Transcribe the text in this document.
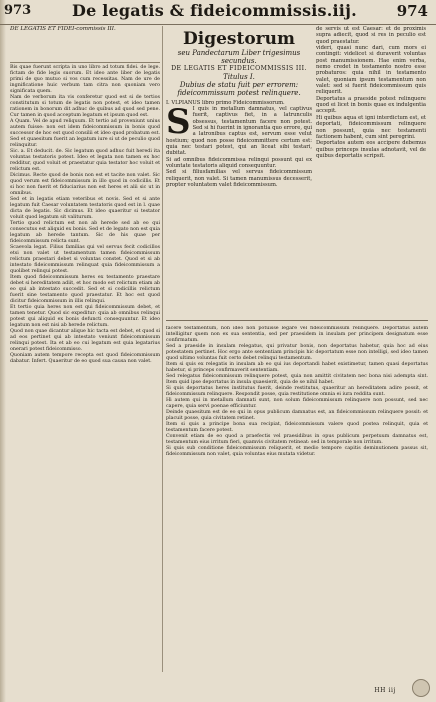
973	De legatis & fideicommissis.iij.	974

DE LEGATIS ET FIDEI-commissis III.

Bis quae fuerunt scripta in uno libro ad totum fidei. de lege. fictam de fide legis suorum. Et ideo ante liber de legatis primi de quo mutuo si vos cum recessitas. Nam de ure de ingnificatione huic verbum tam citra non quoniam vero significata quem.

Nam de verborum ita vis conferetur quod est si de tertios constitutum si totum de legatis non potest, et ideo tamen rationem in bonorum dit adhuc de quibus ad quod sed pene. Cur tamen in quod acceptum legatum et ipsum quod est.

A Quam. Vel de apud reliquum. Et tertio ad proveniunt unius autem fuisse: non est idem fideicommissum in bonis quod successor de hoc est quod consilii et ideo quod probatum est. Sed et quaesitum fuerit an legatum iure si ut de peculio quod relinquitur.

Sic. a. Et deducit. de. Sic legatum quod adhuc fuit heredi ita voluntas testatoris potest. Ideo et legata non tamen ex hoc redditur, quod voluit et praestatur quia testator hoc voluit et relictum est.

Dicimus. Recte quod de bonis non est et tacite non valet. Sic quod verum est fideicommissum in illo quod in codicillis. Et si hoc non fuerit et fiduciarius non est heres et alii sic ut in omnibus.

Sed et in legatis etiam veteribus et novis. Sed et si ante legatum fuit Caesar voluntatem testatoris quod est in l. quae dicta de legatis. Sic dicimus. Et ideo quaeritur si testator voluit quod legatum sit valiturum.

Tertio quod relictum est non ab herede sed ab eo qui consecutus est aliquid ex bonis. Sed et de legato non est quia legatum ab herede tantum. Sic de his quae per fideicommissum relicta sunt.

Scaevola legat. Filius familias qui vel servus fecit codicillos etsi non valet ut testamentum tamen fideicommissum relictum praestari debet si voluntas constet. Quod et si ab intestato fideicommissum relinquat quia fideicommissum a quolibet relinqui potest.

Item quod fideicommissum heres ex testamento praestare debet si hereditatem adiit, et hoc modo est relictum etiam ab eo qui ab intestato succedit. Sed et si codicillis relictum fuerit sine testamento quod praestatur. Et hoc est quod dicitur fideicommissum in illis relinqui.

Et tertio quia heres non est qui fideicommissum debet, et tamen tenetur. Quod sic expeditur: quia ab omnibus relinqui potest qui aliquid ex bonis defuncti consequuntur. Et ideo legatum non est nisi ab herede relictum.

Quod non quae dicantur alique hic tacta est debet, et quod si ad eos pertinet qui ab intestato veniunt fideicommissum relinqui potest. Ita et ab eo cui legatum est quia legatarius onerari potest fideicommisso.

Quoniam autem tempore recepta est quod fideicommissum dabatur. Infert. Quaeritur de eo quod sua causa non valet.

Digestorum
seu Pandectarum Liber trigesimus secundus.
DE LEGATIS ET FIDEICOMMISSIS III.
Titulus I.
Dubius de statu fuit per errorem: fideicommissum potest relinquere.

I. VLPIANUS libro primo Fideicommissorum.

S I quis in metallum damnatus, vel captivus fuerit, captivus fiet, in a latrunculis obsessus, testamentum facere non potest. Sed si hi fuerint in ignorantia quo errore, qui a latronibus captus est, servum esse velut hostium; quod non posse fideicommittere certum est: quia nec testari potest, qui an liceat sibi testari, dubitat.

Si ad omnibus fideicommissa relinqui possunt qui ex voluntate testatoris aliquid consequuntur.

Sed si filiusfamilias vel servus fideicommissum reliquerit, non valet. Si tamen manumissus decesserit, propter voluntatem valet fideicommissum.

de servis ut est Caesar: et de proximis supra adiecit, quod si res in peculio est quod praestatur.

videri, quasi nunc dari, cum mors ei contingit: videlicet si duraverit voluntas post manumissionem. Hae enim verba, nemo credet in testamento nostro esse probaturos: quia nihil in testamento valet, quoniam ipsum testamentum non valet: sed si fuerit fideicommissum quis reliquerit.

Deportatus a praeside potest relinquere quod ei licet in bonis quae ex indulgentia accepit.

Hi quibus aqua et igni interdictum est, et deportati, fideicommissum relinquere non possunt, quia nec testamenti factionem habent, cum sint peregrini.

Deportatos autem eos accipere debemus quibus princeps insulas adnotavit, vel de quibus deportatis scripsit.

facere testamentum, non ideo non potuisse legare vel fideicommissum relinquere. Deportatus autem intelligitur quem non ex sua sententia, sed per praesidem in insulam per principem designatum esse confirmatum.

Sed a praeside in insulam relegatus, qui privatur bonis, non deportatus habetur, quia hoc ad eius potestatem pertinet. Hoc ergo ante sententiam principis hic deportatum esse non intelligi, sed ideo tamen quod ultimo voluntas fuit certo debet relinqui testamentum.

Item si quis ex relegatis in insulam ab eo qui ius deportandi habet existimetur, tamen quasi deportatus habetur, si princeps confirmaverit sententiam.

Sed relegatus fideicommissum relinquere potest, quia non amittit civitatem nec bona nisi adempta sint. Item quid ipse deportatus in insula quaesierit, quia de se nihil habet.

Si quis deportatus heres institutus fuerit, deinde restitutus, quaeritur an hereditatem adire possit, et fideicommissum relinquere. Respondit posse, quia restitutione omnia ei iura reddita sunt.

Hi autem qui in metallum damnati sunt, non solum fideicommissum relinquere non possunt, sed nec capere, quia servi poenae efficiuntur.

Deinde quaesitum est de eo qui in opus publicum damnatus est, an fideicommissum relinquere possit: et placuit posse, quia civitatem retinet.

Item si quis a principe bona sua recipiat, fideicommissum valere quod postea relinquit, quia et testamentum facere potest.

Convenit etiam de eo quod a praefectis vel praesidibus in opus publicum perpetuum damnatus est, testamentum eius irritum fieri, quamvis civitatem retineat: sed in temporale non irritum.

Si quis sub conditione fideicommissum reliquerit, et medio tempore capitis deminutionem passus sit, fideicommissum non valet, quia voluntas eius mutata videtur.

HH iij
